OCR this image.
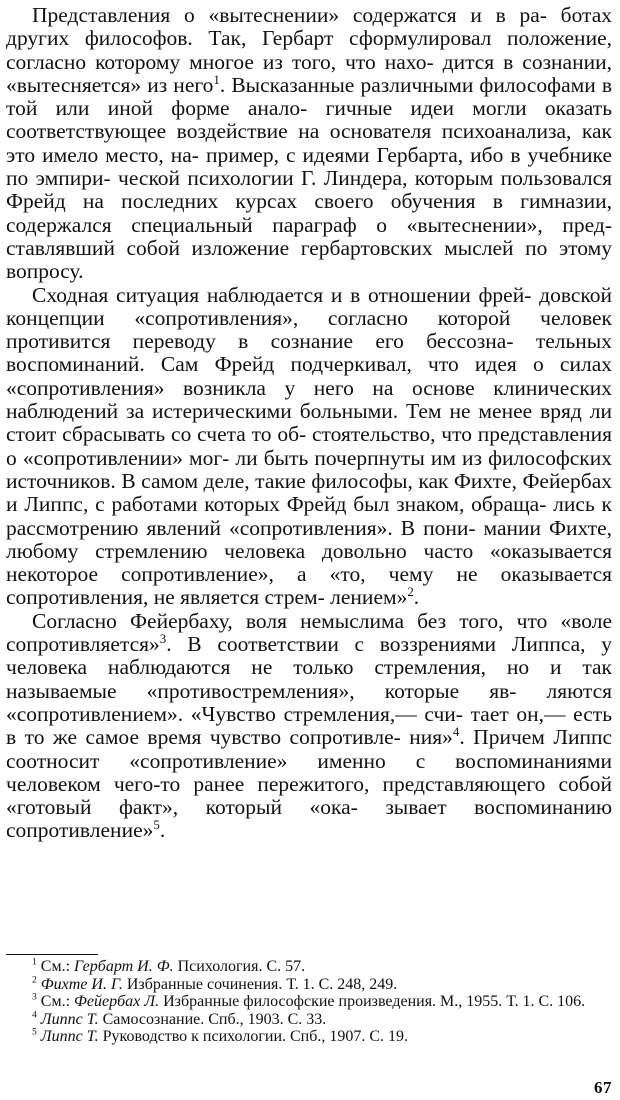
Представления о «вытеснении» содержатся и в ра- ботах других философов. Так, Гербарт сформулировал положение, согласно которому многое из того, что нахо- дится в сознании, «вытесняется» из него$^1$. Высказанные различными философами в той или иной форме анало- гичные идеи могли оказать соответствующее воздействие на основателя психоанализа, как это имело место, на- пример, с идеями Гербарта, ибо в учебнике по эмпири- ческой психологии Г. Линдера, которым пользовался Фрейд на последних курсах своего обучения в гимназии, содержался специальный параграф о «вытеснении», пред- ставлявший собой изложение гербартовских мыслей по этому вопросу.

Сходная ситуация наблюдается и в отношении фрей- довской концепции «сопротивления», согласно которой человек противится переводу в сознание его бессозна- тельных воспоминаний. Сам Фрейд подчеркивал, что идея о силах «сопротивления» возникла у него на основе клинических наблюдений за истерическими больными. Тем не менее вряд ли стоит сбрасывать со счета то об- стоятельство, что представления о «сопротивлении» мог- ли быть почерпнуты им из философских источников. В самом деле, такие философы, как Фихте, Фейербах и Липпс, с работами которых Фрейд был знаком, обраща- лись к рассмотрению явлений «сопротивления». В пони- мании Фихте, любому стремлению человека довольно часто «оказывается некоторое сопротивление», а «то, чему не оказывается сопротивления, не является стрем- лением»$^2$.

Согласно Фейербаху, воля немыслима без того, что «воле сопротивляется»$^3$. В соответствии с воззрениями Липпса, у человека наблюдаются не только стремления, но и так называемые «противостремления», которые яв- ляются «сопротивлением». «Чувство стремления,— счи- тает он,— есть в то же самое время чувство сопротивле- ния»$^4$. Причем Липпс соотносит «сопротивление» именно с воспоминаниями человеком чего-то ранее пережитого, представляющего собой «готовый факт», который «ока- зывает воспоминанию сопротивление»$^5$.

$^1$ См.: Гербарт И. Ф. Психология. С. 57.

$^2$ Фихте И. Г. Избранные сочинения. Т. 1. С. 248, 249.

$^3$ См.: Фейербах Л. Избранные философские произведения. М., 1955. Т. 1. С. 106.

$^4$ Липпс Т. Самосознание. Спб., 1903. С. 33.

$^5$ Липпс Т. Руководство к психологии. Спб., 1907. С. 19.

67
